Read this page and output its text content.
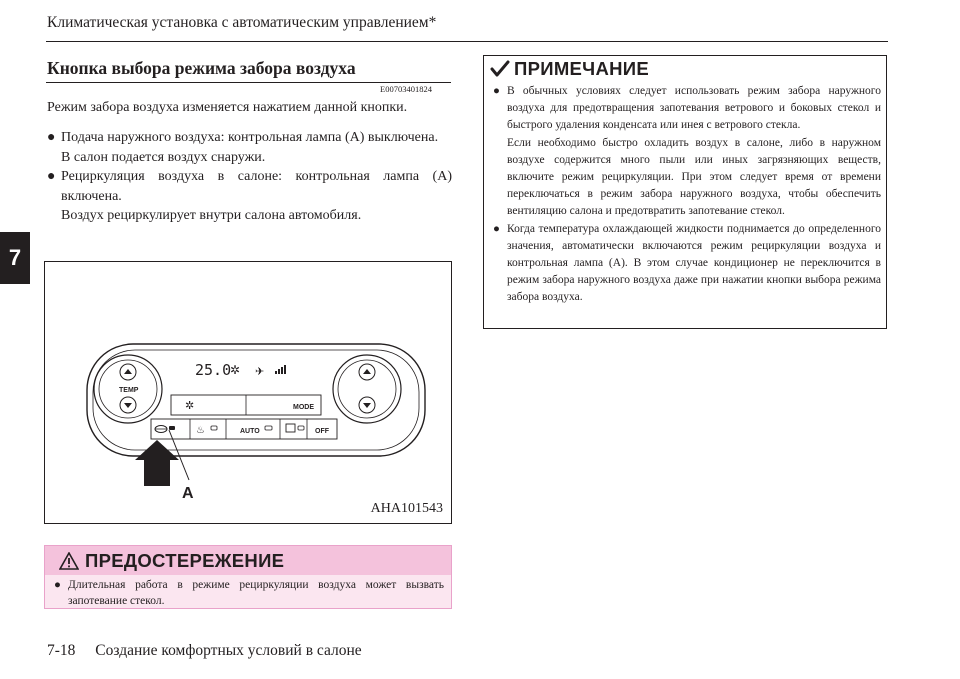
Климатическая установка с автоматическим управлением*
7
Кнопка выбора режима забора воздуха
E00703401824
Режим забора воздуха изменяется нажатием данной кнопки.
● Подача наружного воздуха: контрольная лампа (A) выключена.
В салон подается воздух снаружи.
● Рециркуляция воздуха в салоне: контрольная лампа (A) включена.
Воздух рециркулирует внутри салона автомобиля.
TEMP
25.0
✲ ✈
✲	MODE
♨	AUTO	OFF
A
AHA101543
ПРЕДОСТЕРЕЖЕНИЕ
● Длительная работа в режиме рециркуляции воздуха может вызвать запотевание стекол.
ПРИМЕЧАНИЕ
● В обычных условиях следует использовать режим забора наружного воздуха для предотвращения запотевания ветрового и боковых стекол и быстрого удаления конденсата или инея с ветрового стекла.
Если необходимо быстро охладить воздух в салоне, либо в наружном воздухе содержится много пыли или иных загрязняющих веществ, включите режим рециркуляции. При этом следует время от времени переключаться в режим забора наружного воздуха, чтобы обеспечить вентиляцию салона и предотвратить запотевание стекол.
● Когда температура охлаждающей жидкости поднимается до определенного значения, автоматически включаются режим рециркуляции воздуха и контрольная лампа (A). В этом случае кондиционер не переключится в режим забора наружного воздуха даже при нажатии кнопки выбора режима забора воздуха.
7-18 Создание комфортных условий в салоне
